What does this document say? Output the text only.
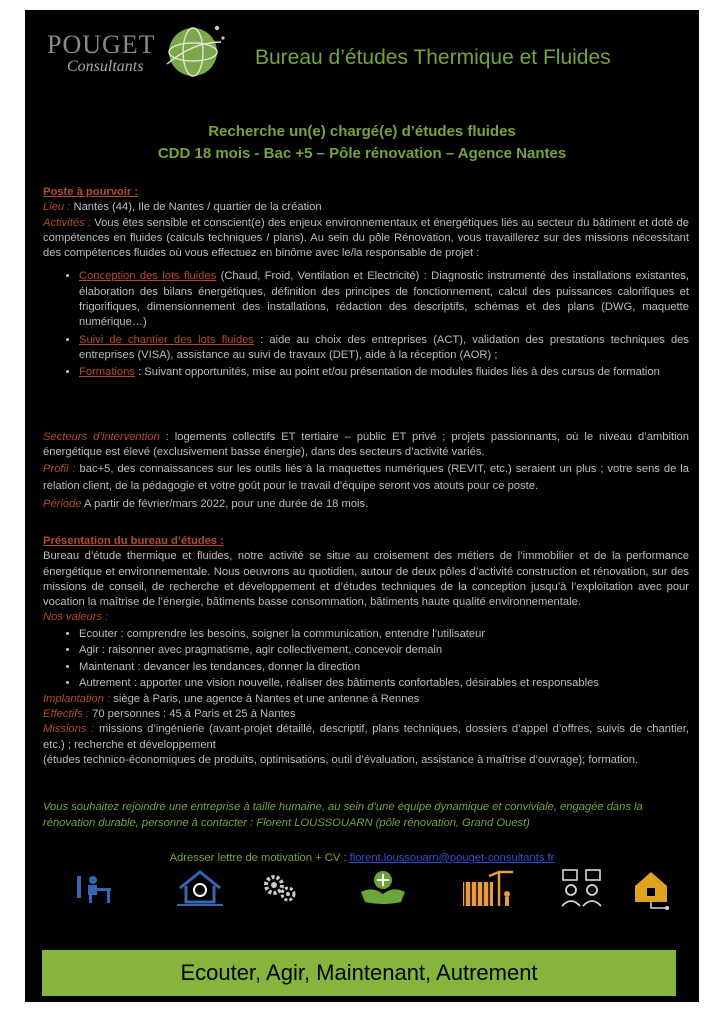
POUGET
Consultants	Bureau d’études Thermique et Fluides
Recherche un(e) chargé(e) d’études fluides
CDD 18 mois - Bac +5 – Pôle rénovation – Agence Nantes
Poste à pourvoir :

Lieu : Nantes (44), Ile de Nantes / quartier de la création

Activités : Vous êtes sensible et conscient(e) des enjeux environnementaux et énergétiques liés au secteur du bâtiment et doté de compétences en fluides (calculs techniques / plans). Au sein du pôle Rénovation, vous travaillerez sur des missions nécessitant des compétences fluides où vous effectuez en binôme avec le/la responsable de projet :

• Conception des lots fluides (Chaud, Froid, Ventilation et Electricité) : Diagnostic instrumenté des installations existantes, élaboration des bilans énergétiques, définition des principes de fonctionnement, calcul des puissances calorifiques et frigorifiques, dimensionnement des installations, rédaction des descriptifs, schémas et des plans (DWG, maquette numérique…)
• Suivi de chantier des lots fluides : aide au choix des entreprises (ACT), validation des prestations techniques des entreprises (VISA), assistance au suivi de travaux (DET), aide à la réception (AOR) ;
• Formations : Suivant opportunités, mise au point et/ou présentation de modules fluides liés à des cursus de formation

Secteurs d’intervention : logements collectifs ET tertiaire – public ET privé ; projets passionnants, où le niveau d’ambition énergétique est élevé (exclusivement basse énergie), dans des secteurs d’activité variés.

Profil : bac+5, des connaissances sur les outils liés à la maquettes numériques (REVIT, etc.) seraient un plus ; votre sens de la relation client, de la pédagogie et votre goût pour le travail d’équipe seront vos atouts pour ce poste.

Période A partir de février/mars 2022, pour une durée de 18 mois.

Présentation du bureau d’études :

Bureau d’étude thermique et fluides, notre activité se situe au croisement des métiers de l’immobilier et de la performance énergétique et environnementale. Nous oeuvrons au quotidien, autour de deux pôles d’activité construction et rénovation, sur des missions de conseil, de recherche et développement et d’études techniques de la conception jusqu’à l’exploitation avec pour vocation la maîtrise de l’énergie, bâtiments basse consommation, bâtiments haute qualité environnementale.

Nos valeurs :
• Ecouter : comprendre les besoins, soigner la communication, entendre l’utilisateur
• Agir : raisonner avec pragmatisme, agir collectivement, concevoir demain
• Maintenant : devancer les tendances, donner la direction
• Autrement : apporter une vision nouvelle, réaliser des bâtiments confortables, désirables et responsables

Implantation : siège à Paris, une agence à Nantes et une antenne à Rennes

Effectifs : 70 personnes : 45 à Paris et 25 à Nantes

Missions : missions d’ingénierie (avant-projet détaillé, descriptif, plans techniques, dossiers d’appel d’offres, suivis de chantier, etc.) ; recherche et développement

(études technico-économiques de produits, optimisations, outil d’évaluation, assistance à maîtrise d’ouvrage); formation.

Vous souhaitez rejoindre une entreprise à taille humaine, au sein d’une équipe dynamique et conviviale, engagée dans la rénovation durable, personne à contacter : Florent LOUSSOUARN (pôle rénovation, Grand Ouest)
Adresser lettre de motivation + CV : florent.loussouarn@pouget-consultants.fr
Ecouter, Agir, Maintenant, Autrement
